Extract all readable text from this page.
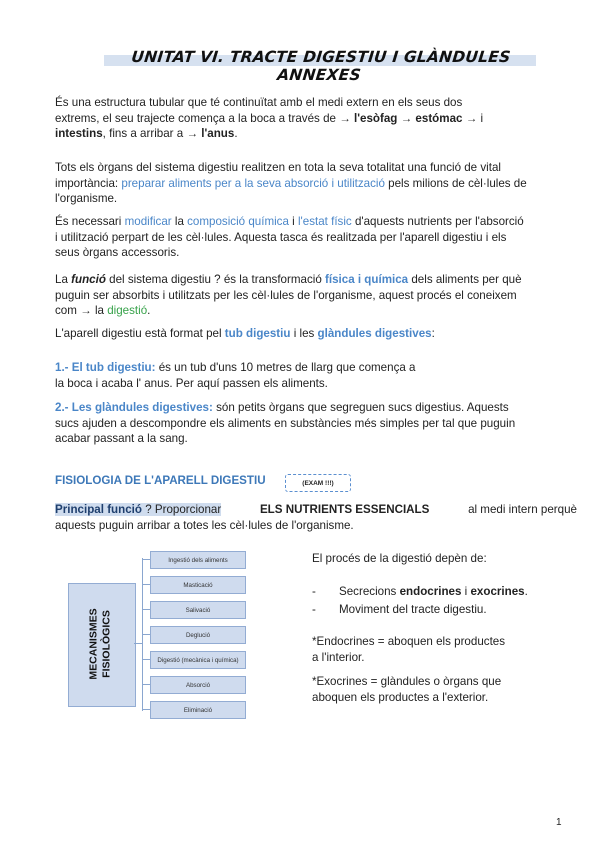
UNITAT VI. TRACTE DIGESTIU I GLÀNDULES ANNEXES
És una estructura tubular que té continuïtat amb el medi extern en els seus dos
extrems, el seu trajecte comença a la boca a través de → l'esòfag → estómac → i
intestins, fins a arribar a → l'anus.
Tots els òrgans del sistema digestiu realitzen en tota la seva totalitat una funció de vital
importància: preparar aliments per a la seva absorció i utilització pels milions de cèl·lules de
l'organisme.
És necessari modificar la composició química i l'estat físic d'aquests nutrients per l'absorció
i utilització perpart de les cèl·lules. Aquesta tasca és realitzada per l'aparell digestiu i els
seus òrgans accessoris.
La funció del sistema digestiu ? és la transformació física i química dels aliments per què
puguin ser absorbits i utilitzats per les cèl·lules de l'organisme, aquest procés el coneixem
com → la digestió.
L'aparell digestiu està format pel tub digestiu i les glàndules digestives:
1.- El tub digestiu: és un tub d'uns 10 metres de llarg que comença a
la boca i acaba l' anus. Per aquí passen els aliments.
2.- Les glàndules digestives: són petits òrgans que segreguen sucs digestius. Aquests
sucs ajuden a descompondre els aliments en substàncies més simples per tal que puguin
acabar passant a la sang.
FISIOLOGIA DE L'APARELL DIGESTIU	(EXAM !!!)
Principal funció ? Proporcionar	ELS NUTRIENTS ESSENCIALS	al medi intern perquè
aquests puguin arribar a totes les cèl·lules de l'organisme.
MECANISMES
FISIOLÒGICS
Ingestió dels aliments
Masticació
Salivació
Deglució
Digestió (mecànica i química)
Absorció
Eliminació
El procés de la digestió depèn de:
- Secrecions endocrines i exocrines.
- Moviment del tracte digestiu.
*Endocrines = aboquen els productes
a l'interior.
*Exocrines = glàndules o òrgans que
aboquen els productes a l'exterior.
1
